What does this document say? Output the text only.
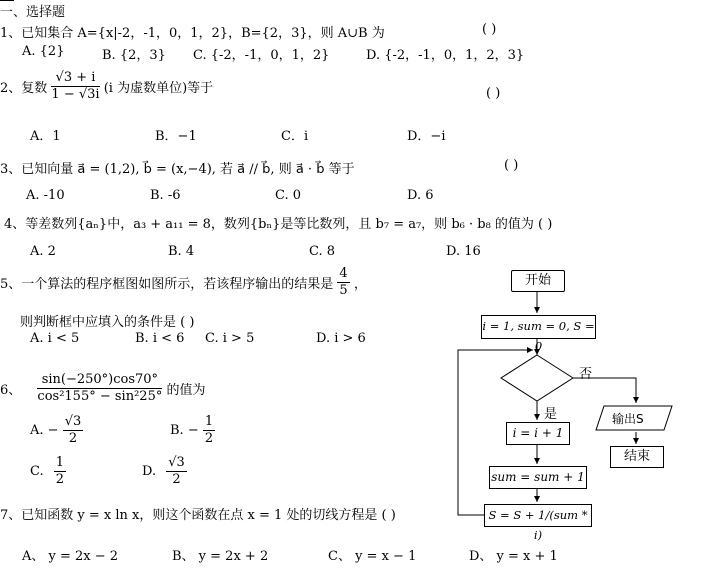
一、选择题
1、已知集合 A={x|-2，-1，0，1，2}，B={2，3}，则 A∪B 为	( )
A. {2}	B. {2，3} C. {-2，-1，0，1，2}	D. {-2，-1，0，1，2，3}
2、复数 $\frac{√3 + i}{1 - √3i} (i$ 为虚数单位)等于	( )
A．1	B．−1	C．i	D．−i
3、已知向量 a⃗ = (1,2), b⃗ = (x,−4), 若 a⃗ // b⃗, 则 a⃗ · b⃗ 等于	( )
A. -10	B. -6	C. 0	D. 6
4、等差数列{aₙ}中，a₃ + a₁₁ = 8，数列{bₙ}是等比数列，且 b₇ = a₇，则 b₆ · b₈ 的值为 ( )
A. 2	B. 4	C. 8	D. 16
5、一个算法的程序框图如图所示，若该程序输出的结果是 $\frac{4}{5}$ ，
则判断框中应填入的条件是 ( )
A. i < 5	B. i < 6 C. i > 5	D. i > 6
6、 $\frac{\sin(-250^\circ)\cos 70^\circ}{\text{cos²155° − sin²25°}}$ 的值为
A. − $\frac{√3}{2}$	B. − $\frac{1}{2}$
C. $\frac{1}{2}$	D. $\frac{√3}{2}$
7、已知函数 y = x ln x，则这个函数在点 x = 1 处的切线方程是 ( )
A、 y = 2x − 2	B、 y = 2x + 2	C、 y = x − 1	D、 y = x + 1
开始
i = 1, sum = 0, S = 0
否
是
i = i + 1
输出S
结束
sum = sum + 1
S = S + 1/(sum * i)
